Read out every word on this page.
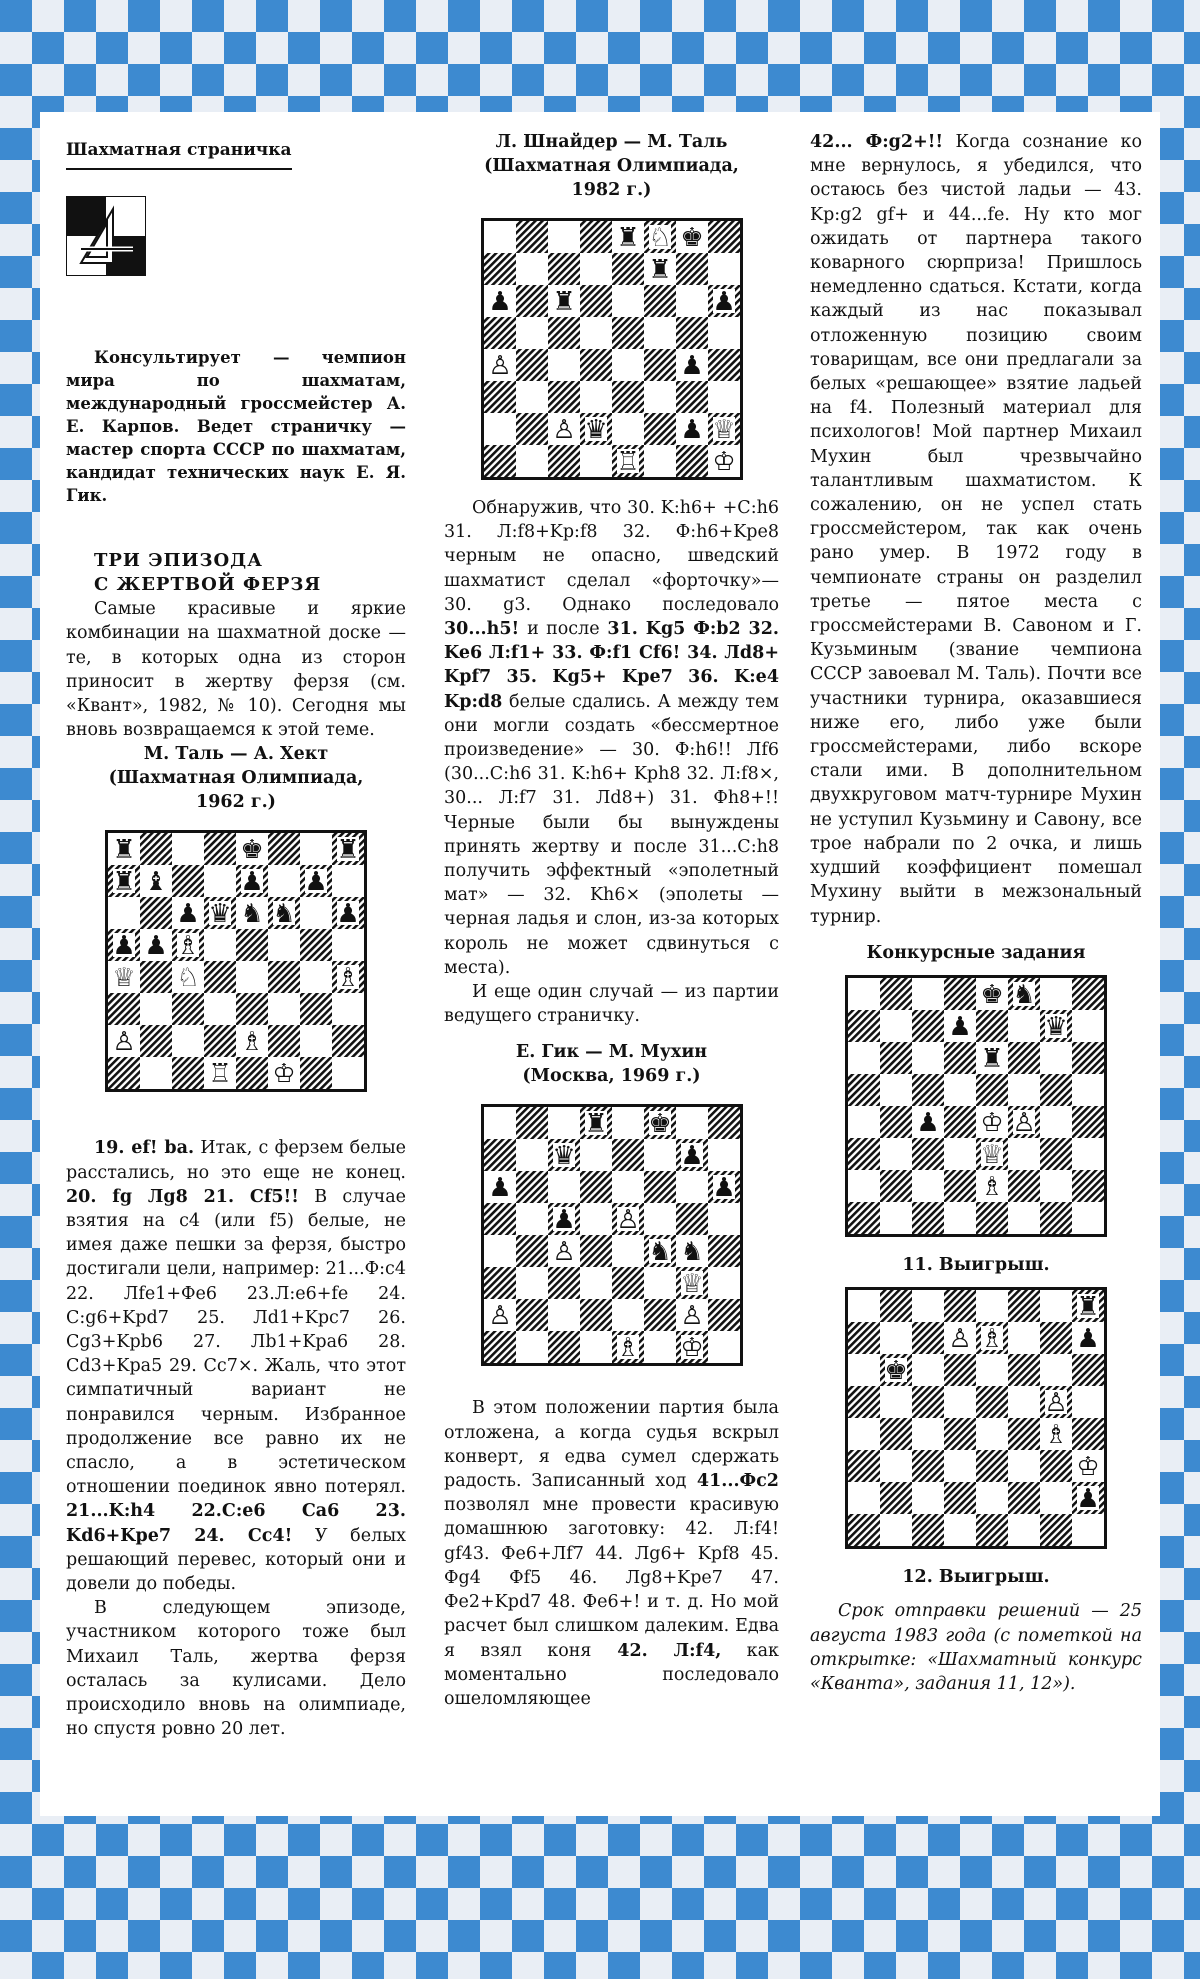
Шахматная страничка

Консультирует — чемпион мира по шахматам, международный гроссмейстер А. Е. Карпов. Ведет страничку — мастер спорта СССР по шахматам, кандидат технических наук Е. Я. Гик.

ТРИ ЭПИЗОДА
С ЖЕРТВОЙ ФЕРЗЯ

Самые красивые и яркие комбинации на шахматной доске — те, в которых одна из сторон приносит в жертву ферзя (см. «Квант», 1982, № 10). Сегодня мы вновь возвращаемся к этой теме.

М. Таль — А. Хект
(Шахматная Олимпиада,
1962 г.)
♜	♚	♜
♜ ♝	♟ ♟
♟ ♛ ♞ ♞ ♟
♟ ♟ ♗
♕ ♘	♗
♙	♗
♖ ♔

19. ef! ba. Итак, с ферзем белые расстались, но это еще не конец. 20. fg Лg8 21. Cf5!! В случае взятия на с4 (или f5) белые, не имея даже пешки за ферзя, быстро достигали цели, например: 21...Ф:c4 22. Лfe1+Фe6 23.Л:e6+fe 24. С:g6+Kpd7 25. Лd1+Kpc7 26. Cg3+Kpb6 27. Лb1+Kpa6 28. Cd3+Kpa5 29. Cc7×. Жаль, что этот симпатичный вариант не понравился черным. Избранное продолжение все равно их не спасло, а в эстетическом отношении поединок явно потерял. 21...K:h4 22.C:e6 Ca6 23. Kd6+Kpe7 24. Cc4! У белых решающий перевес, который они и довели до победы.

В следующем эпизоде, участником которого тоже был Михаил Таль, жертва ферзя осталась за кулисами. Дело происходило вновь на олимпиаде, но спустя ровно 20 лет.

Л. Шнайдер — М. Таль
(Шахматная Олимпиада,
1982 г.)
♜ ♘ ♚
♜
♟ ♜	♟
♙	♟
♙ ♛	♟ ♕
♖	♔

Обнаружив, что 30. K:h6+ +C:h6 31. Л:f8+Kp:f8 32. Ф:h6+Kpe8 черным не опасно, шведский шахматист сделал «форточку»— 30. g3. Однако последовало 30...h5! и после 31. Kg5 Ф:b2 32. Ke6 Л:f1+ 33. Ф:f1 Cf6! 34. Лd8+ Kpf7 35. Kg5+ Kpe7 36. K:e4 Kp:d8 белые сдались. А между тем они могли создать «бессмертное произведение» — 30. Ф:h6!! Лf6 (30...С:h6 31. K:h6+ Kph8 32. Л:f8×, 30... Л:f7 31. Лd8+) 31. Фh8+!! Черные были бы вынуждены принять жертву и после 31...С:h8 получить эффектный «эполетный мат» — 32. Kh6× (эполеты — черная ладья и слон, из-за которых король не может сдвинуться с места).

И еще один случай — из партии ведущего страничку.

Е. Гик — М. Мухин
(Москва, 1969 г.)
♜ ♚
♛	♟
♟	♟
♟ ♙
♙	♞ ♞
♕
♙	♙
♗ ♔

В этом положении партия была отложена, а когда судья вскрыл конверт, я едва сумел сдержать радость. Записанный ход 41...Фс2 позволял мне провести красивую домашнюю заготовку: 42. Л:f4! gf43. Фe6+Лf7 44. Лg6+ Kpf8 45. Фg4 Фf5 46. Лg8+Kpe7 47. Фe2+Kpd7 48. Фe6+! и т. д. Но мой расчет был слишком далеким. Едва я взял коня 42. Л:f4, как моментально последовало ошеломляющее

42... Ф:g2+!! Когда сознание ко мне вернулось, я убедился, что остаюсь без чистой ладьи — 43. Kp:g2 gf+ и 44...fe. Ну кто мог ожидать от партнера такого коварного сюрприза! Пришлось немедленно сдаться. Кстати, когда каждый из нас показывал отложенную позицию своим товарищам, все они предлагали за белых «решающее» взятие ладьей на f4. Полезный материал для психологов! Мой партнер Михаил Мухин был чрезвычайно талантливым шахматистом. К сожалению, он не успел стать гроссмейстером, так как очень рано умер. В 1972 году в чемпионате страны он разделил третье — пятое места с гроссмейстерами В. Савоном и Г. Кузьминым (звание чемпиона СССР завоевал М. Таль). Почти все участники турнира, оказавшиеся ниже его, либо уже были гроссмейстерами, либо вскоре стали ими. В дополнительном двухкруговом матч-турнире Мухин не уступил Кузьмину и Савону, все трое набрали по 2 очка, и лишь худший коэффициент помешал Мухину выйти в межзональный турнир.

Конкурсные задания
♚ ♞
♟	♛
♜
♟ ♔ ♙
♕
♗
11. Выигрыш.
♜
♙ ♗	♟
♚
♙
♗
♔
♟
12. Выигрыш.

Срок отправки решений — 25 августа 1983 года (с пометкой на открытке: «Шахматный конкурс «Кванта», задания 11, 12»).
